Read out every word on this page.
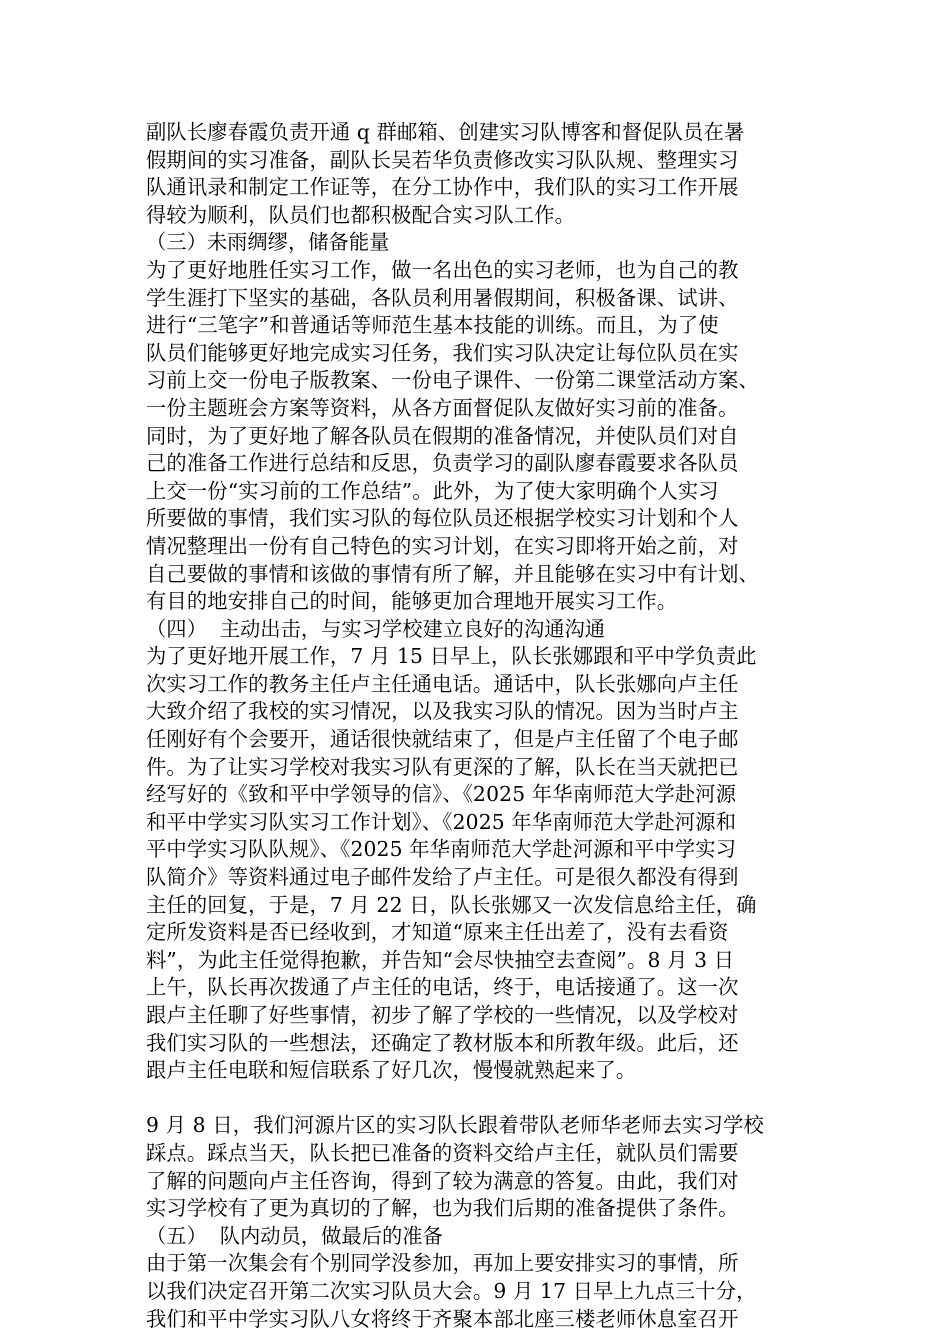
副队长廖春霞负责开通 q 群邮箱、创建实习队博客和督促队员在暑
假期间的实习准备，副队长吴若华负责修改实习队队规、整理实习
队通讯录和制定工作证等，在分工协作中，我们队的实习工作开展
得较为顺利，队员们也都积极配合实习队工作。
（三）未雨绸缪，储备能量
为了更好地胜任实习工作，做一名出色的实习老师，也为自己的教
学生涯打下坚实的基础，各队员利用暑假期间，积极备课、试讲、
进行“三笔字”和普通话等师范生基本技能的训练。而且，为了使
队员们能够更好地完成实习任务，我们实习队决定让每位队员在实
习前上交一份电子版教案、一份电子课件、一份第二课堂活动方案、
一份主题班会方案等资料，从各方面督促队友做好实习前的准备。
同时，为了更好地了解各队员在假期的准备情况，并使队员们对自
己的准备工作进行总结和反思，负责学习的副队廖春霞要求各队员
上交一份“实习前的工作总结”。此外，为了使大家明确个人实习
所要做的事情，我们实习队的每位队员还根据学校实习计划和个人
情况整理出一份有自己特色的实习计划，在实习即将开始之前，对
自己要做的事情和该做的事情有所了解，并且能够在实习中有计划、
有目的地安排自己的时间，能够更加合理地开展实习工作。
（四）  主动出击，与实习学校建立良好的沟通沟通
为了更好地开展工作，7 月 15 日早上，队长张娜跟和平中学负责此
次实习工作的教务主任卢主任通电话。通话中，队长张娜向卢主任
大致介绍了我校的实习情况，以及我实习队的情况。因为当时卢主
任刚好有个会要开，通话很快就结束了，但是卢主任留了个电子邮
件。为了让实习学校对我实习队有更深的了解，队长在当天就把已
经写好的《致和平中学领导的信》、《2025 年华南师范大学赴河源
和平中学实习队实习工作计划》、《2025 年华南师范大学赴河源和
平中学实习队队规》、《2025 年华南师范大学赴河源和平中学实习
队简介》等资料通过电子邮件发给了卢主任。可是很久都没有得到
主任的回复，于是，7 月 22 日，队长张娜又一次发信息给主任，确
定所发资料是否已经收到，才知道“原来主任出差了，没有去看资
料”，为此主任觉得抱歉，并告知“会尽快抽空去查阅”。8 月 3 日
上午，队长再次拨通了卢主任的电话，终于，电话接通了。这一次
跟卢主任聊了好些事情，初步了解了学校的一些情况，以及学校对
我们实习队的一些想法，还确定了教材版本和所教年级。此后，还
跟卢主任电联和短信联系了好几次，慢慢就熟起来了。
9 月 8 日，我们河源片区的实习队长跟着带队老师华老师去实习学校
踩点。踩点当天，队长把已准备的资料交给卢主任，就队员们需要
了解的问题向卢主任咨询，得到了较为满意的答复。由此，我们对
实习学校有了更为真切的了解，也为我们后期的准备提供了条件。
（五）  队内动员，做最后的准备
由于第一次集会有个别同学没参加，再加上要安排实习的事情，所
以我们决定召开第二次实习队员大会。9 月 17 日早上九点三十分，
我们和平中学实习队八女将终于齐聚本部北座三楼老师休息室召开
